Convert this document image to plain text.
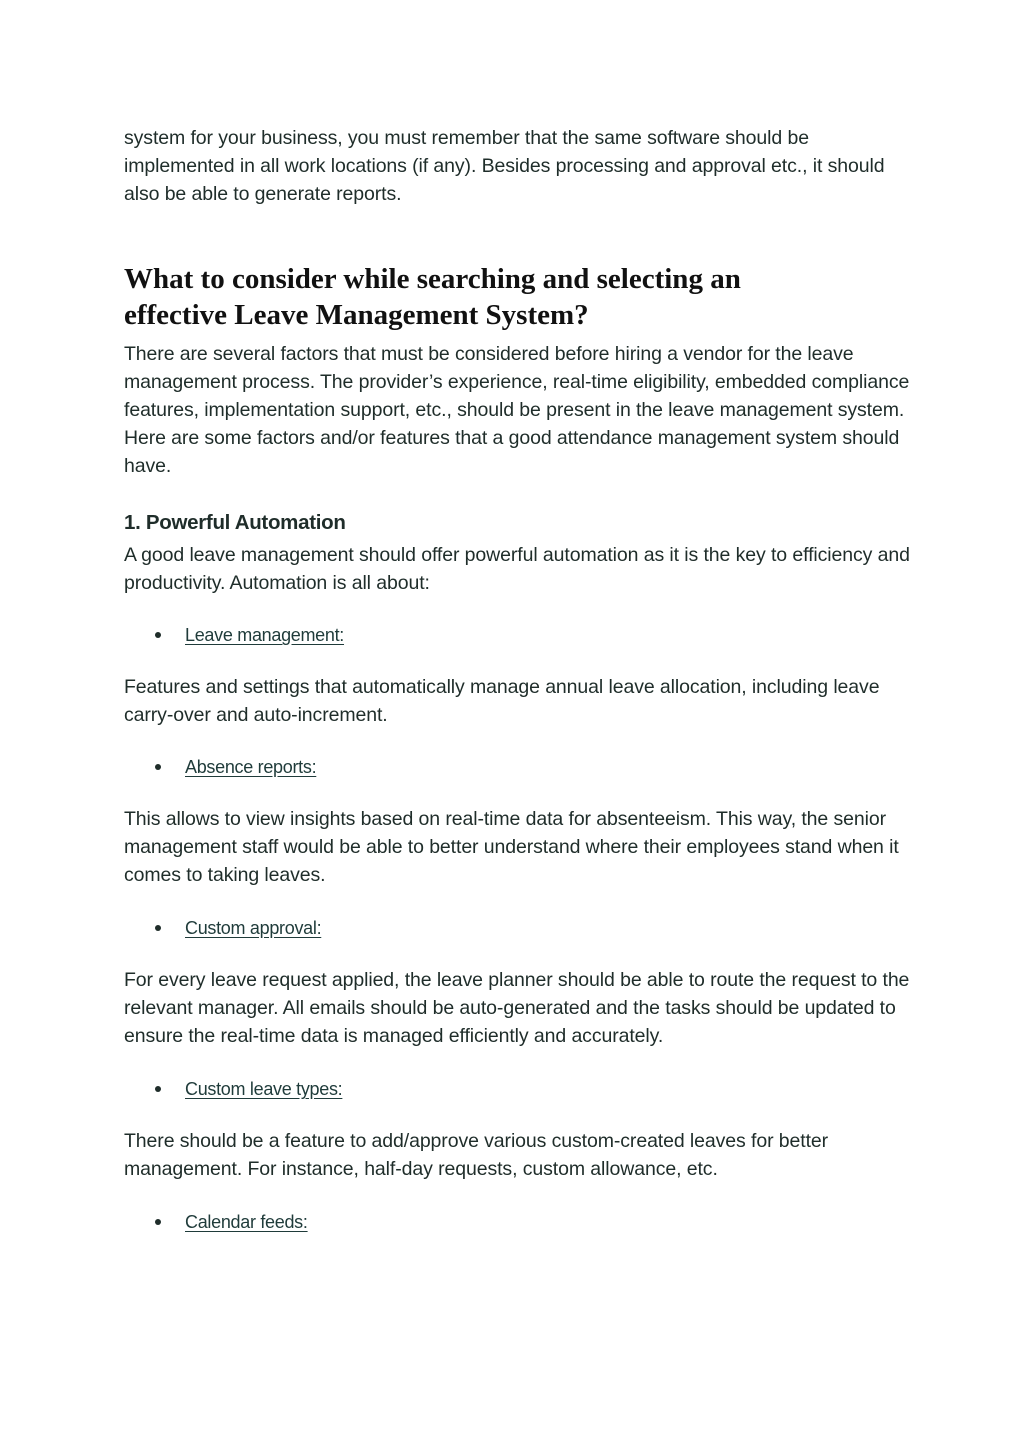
system for your business, you must remember that the same software should be implemented in all work locations (if any). Besides processing and approval etc., it should also be able to generate reports.

What to consider while searching and selecting an
effective Leave Management System?

There are several factors that must be considered before hiring a vendor for the leave management process. The provider’s experience, real-time eligibility, embedded compliance features, implementation support, etc., should be present in the leave management system. Here are some factors and/or features that a good attendance management system should have.

1. Powerful Automation

A good leave management should offer powerful automation as it is the key to efficiency and productivity. Automation is all about:

Leave management:

Features and settings that automatically manage annual leave allocation, including leave carry-over and auto-increment.

Absence reports:

This allows to view insights based on real-time data for absenteeism. This way, the senior management staff would be able to better understand where their employees stand when it comes to taking leaves.

Custom approval:

For every leave request applied, the leave planner should be able to route the request to the relevant manager. All emails should be auto-generated and the tasks should be updated to ensure the real-time data is managed efficiently and accurately.

Custom leave types:

There should be a feature to add/approve various custom-created leaves for better management. For instance, half-day requests, custom allowance, etc.

Calendar feeds:
